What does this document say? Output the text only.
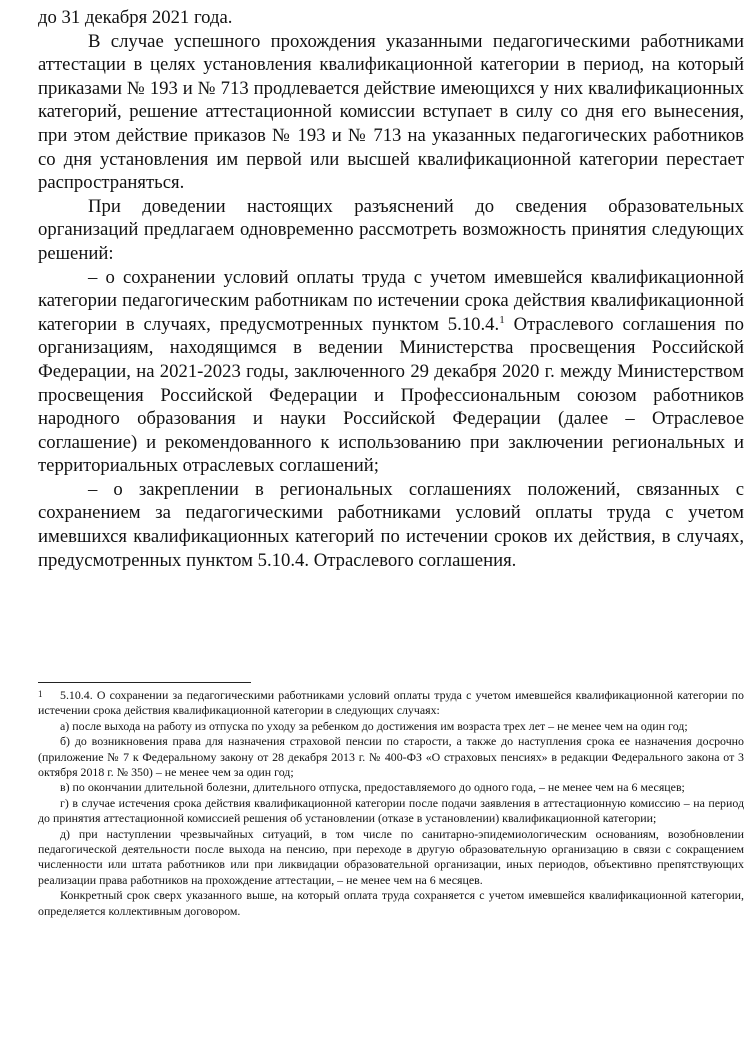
до 31 декабря 2021 года.

В случае успешного прохождения указанными педагогическими работниками аттестации в целях установления квалификационной категории в период, на который приказами № 193 и № 713 продлевается действие имеющихся у них квалификационных категорий, решение аттестационной комиссии вступает в силу со дня его вынесения, при этом действие приказов № 193 и № 713 на указанных педагогических работников со дня установления им первой или высшей квалификационной категории перестает распространяться.

При доведении настоящих разъяснений до сведения образовательных организаций предлагаем одновременно рассмотреть возможность принятия следующих решений:

– о сохранении условий оплаты труда с учетом имевшейся квалификационной категории педагогическим работникам по истечении срока действия квалификационной категории в случаях, предусмотренных пунктом 5.10.4.$^1$ Отраслевого соглашения по организациям, находящимся в ведении Министерства просвещения Российской Федерации, на 2021-2023 годы, заключенного 29 декабря 2020 г. между Министерством просвещения Российской Федерации и Профессиональным союзом работников народного образования и науки Российской Федерации (далее – Отраслевое соглашение) и рекомендованного к использованию при заключении региональных и территориальных отраслевых соглашений;

– о закреплении в региональных соглашениях положений, связанных с сохранением за педагогическими работниками условий оплаты труда с учетом имевшихся квалификационных категорий по истечении сроков их действия, в случаях, предусмотренных пунктом 5.10.4. Отраслевого соглашения.

1 5.10.4. О сохранении за педагогическими работниками условий оплаты труда с учетом имевшейся квалификационной категории по истечении срока действия квалификационной категории в следующих случаях:

а) после выхода на работу из отпуска по уходу за ребенком до достижения им возраста трех лет – не менее чем на один год;

б) до возникновения права для назначения страховой пенсии по старости, а также до наступления срока ее назначения досрочно (приложение № 7 к Федеральному закону от 28 декабря 2013 г. № 400-ФЗ «О страховых пенсиях» в редакции Федерального закона от 3 октября 2018 г. № 350) – не менее чем за один год;

в) по окончании длительной болезни, длительного отпуска, предоставляемого до одного года, – не менее чем на 6 месяцев;

г) в случае истечения срока действия квалификационной категории после подачи заявления в аттестационную комиссию – на период до принятия аттестационной комиссией решения об установлении (отказе в установлении) квалификационной категории;

д) при наступлении чрезвычайных ситуаций, в том числе по санитарно-эпидемиологическим основаниям, возобновлении педагогической деятельности после выхода на пенсию, при переходе в другую образовательную организацию в связи с сокращением численности или штата работников или при ликвидации образовательной организации, иных периодов, объективно препятствующих реализации права работников на прохождение аттестации, – не менее чем на 6 месяцев.

Конкретный срок сверх указанного выше, на который оплата труда сохраняется с учетом имевшейся квалификационной категории, определяется коллективным договором.
